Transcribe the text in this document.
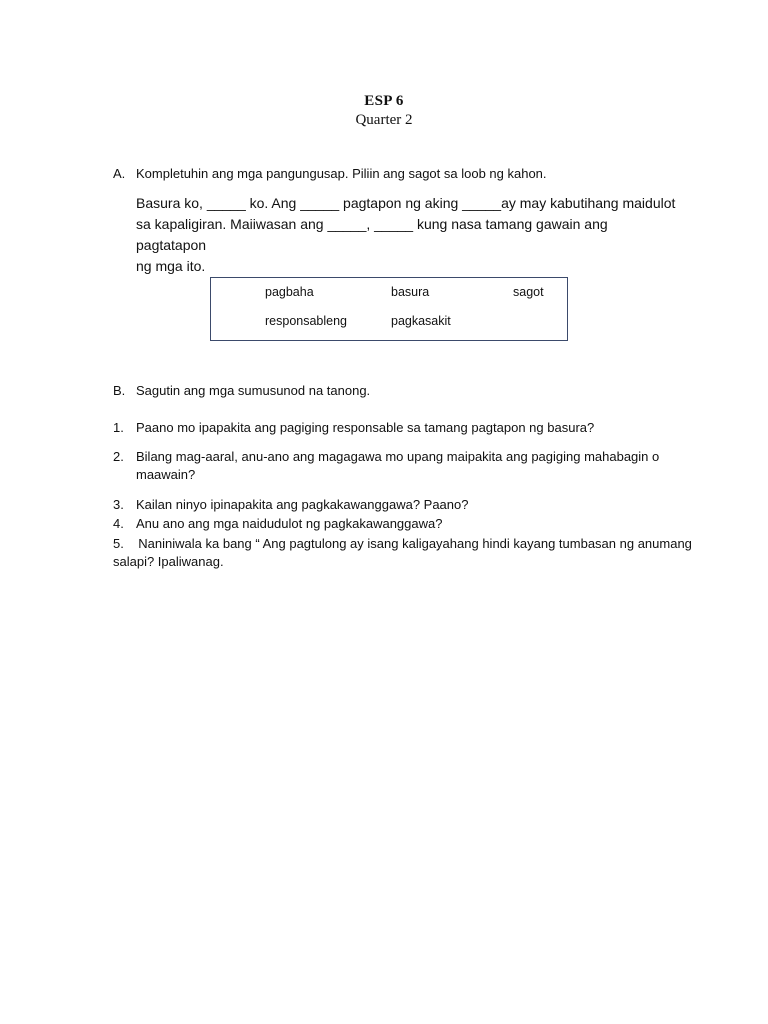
ESP 6
Quarter 2
A. Kompletuhin ang mga pangungusap. Piliin ang sagot sa loob ng kahon.
Basura ko, _____ ko. Ang _____ pagtapon ng aking _____ay may kabutihang maidulot
sa kapaligiran. Maiiwasan ang _____, _____ kung nasa tamang gawain ang pagtatapon
ng mga ito.
pagbaha	basura	sagot
responsableng	pagkasakit
B. Sagutin ang mga sumusunod na tanong.
1. Paano mo ipapakita ang pagiging responsable sa tamang pagtapon ng basura?
2. Bilang mag-aaral, anu-ano ang magagawa mo upang maipakita ang pagiging mahabagin o
maawain?
3. Kailan ninyo ipinapakita ang pagkakawanggawa? Paano?
4. Anu ano ang mga naidudulot ng pagkakawanggawa?
5. Naniniwala ka bang “ Ang pagtulong ay isang kaligayahang hindi kayang tumbasan ng anumang
salapi? Ipaliwanag.
